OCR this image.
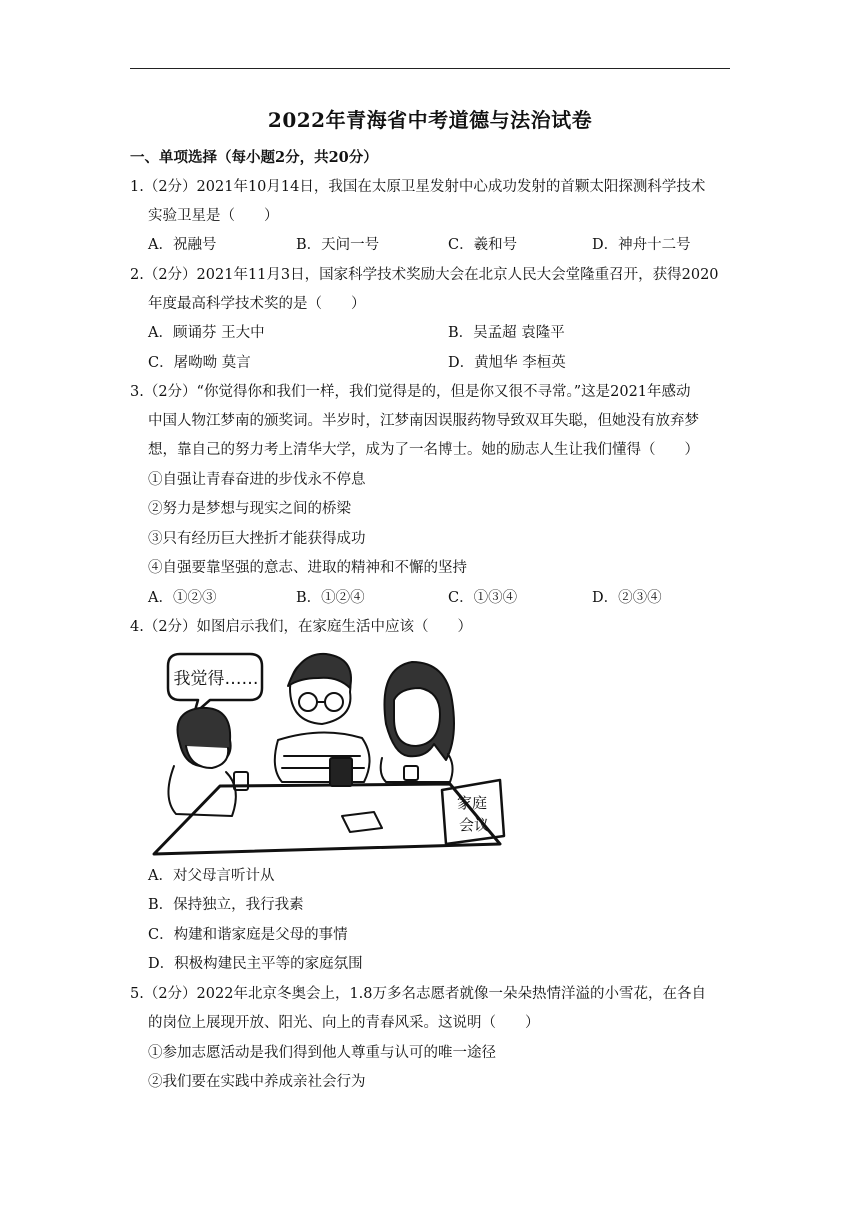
2022年青海省中考道德与法治试卷
一、单项选择（每小题2分，共20分）
1.（2分）2021年10月14日，我国在太原卫星发射中心成功发射的首颗太阳探测科学技术
实验卫星是（　　）
A．祝融号	B．天问一号	C．羲和号	D．神舟十二号
2.（2分）2021年11月3日，国家科学技术奖励大会在北京人民大会堂隆重召开，获得2020
年度最高科学技术奖的是（　　）
A．顾诵芬 王大中	B．吴孟超 袁隆平
C．屠呦呦 莫言	D．黄旭华 李桓英
3.（2分）“你觉得你和我们一样，我们觉得是的，但是你又很不寻常。”这是2021年感动
中国人物江梦南的颁奖词。半岁时，江梦南因误服药物导致双耳失聪，但她没有放弃梦
想，靠自己的努力考上清华大学，成为了一名博士。她的励志人生让我们懂得（　　）
①自强让青春奋进的步伐永不停息
②努力是梦想与现实之间的桥梁
③只有经历巨大挫折才能获得成功
④自强要靠坚强的意志、进取的精神和不懈的坚持
A．①②③	B．①②④	C．①③④	D．②③④
4.（2分）如图启示我们，在家庭生活中应该（　　）
我觉得……
家庭
会议
A．对父母言听计从
B．保持独立，我行我素
C．构建和谐家庭是父母的事情
D．积极构建民主平等的家庭氛围
5.（2分）2022年北京冬奥会上，1.8万多名志愿者就像一朵朵热情洋溢的小雪花，在各自
的岗位上展现开放、阳光、向上的青春风采。这说明（　　）
①参加志愿活动是我们得到他人尊重与认可的唯一途径
②我们要在实践中养成亲社会行为
